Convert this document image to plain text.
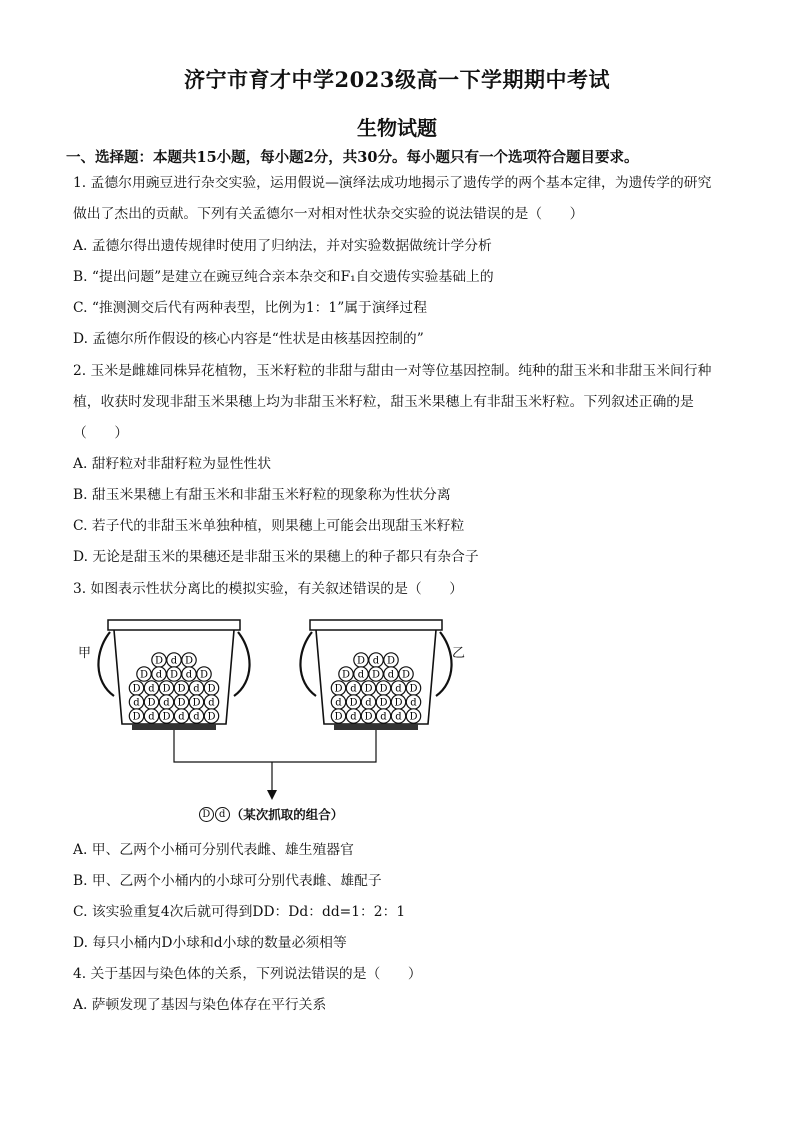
济宁市育才中学2023级高一下学期期中考试
生物试题
一、选择题：本题共15小题，每小题2分，共30分。每小题只有一个选项符合题目要求。
1. 孟德尔用豌豆进行杂交实验，运用假说—演绎法成功地揭示了遗传学的两个基本定律，为遗传学的研究
做出了杰出的贡献。下列有关孟德尔一对相对性状杂交实验的说法错误的是（　　）
A. 孟德尔得出遗传规律时使用了归纳法，并对实验数据做统计学分析
B. “提出问题”是建立在豌豆纯合亲本杂交和F₁自交遗传实验基础上的
C. “推测测交后代有两种表型，比例为1：1”属于演绎过程
D. 孟德尔所作假设的核心内容是“性状是由核基因控制的”
2. 玉米是雌雄同株异花植物，玉米籽粒的非甜与甜由一对等位基因控制。纯种的甜玉米和非甜玉米间行种
植，收获时发现非甜玉米果穗上均为非甜玉米籽粒，甜玉米果穗上有非甜玉米籽粒。下列叙述正确的是
（　　）
A. 甜籽粒对非甜籽粒为显性性状
B. 甜玉米果穗上有甜玉米和非甜玉米籽粒的现象称为性状分离
C. 若子代的非甜玉米单独种植，则果穗上可能会出现甜玉米籽粒
D. 无论是甜玉米的果穗还是非甜玉米的果穗上的种子都只有杂合子
3. 如图表示性状分离比的模拟实验，有关叙述错误的是（　　）
D d D
D d D d D
D d D D d D
d D d D D d
D d D d d D
D d D
D d D d D
D d D D d D
d D d D D d
D d D d d D
甲	乙
D d （某次抓取的组合）
A. 甲、乙两个小桶可分别代表雌、雄生殖器官
B. 甲、乙两个小桶内的小球可分别代表雌、雄配子
C. 该实验重复4次后就可得到DD：Dd：dd=1：2：1
D. 每只小桶内D小球和d小球的数量必须相等
4. 关于基因与染色体的关系，下列说法错误的是（　　）
A. 萨顿发现了基因与染色体存在平行关系
